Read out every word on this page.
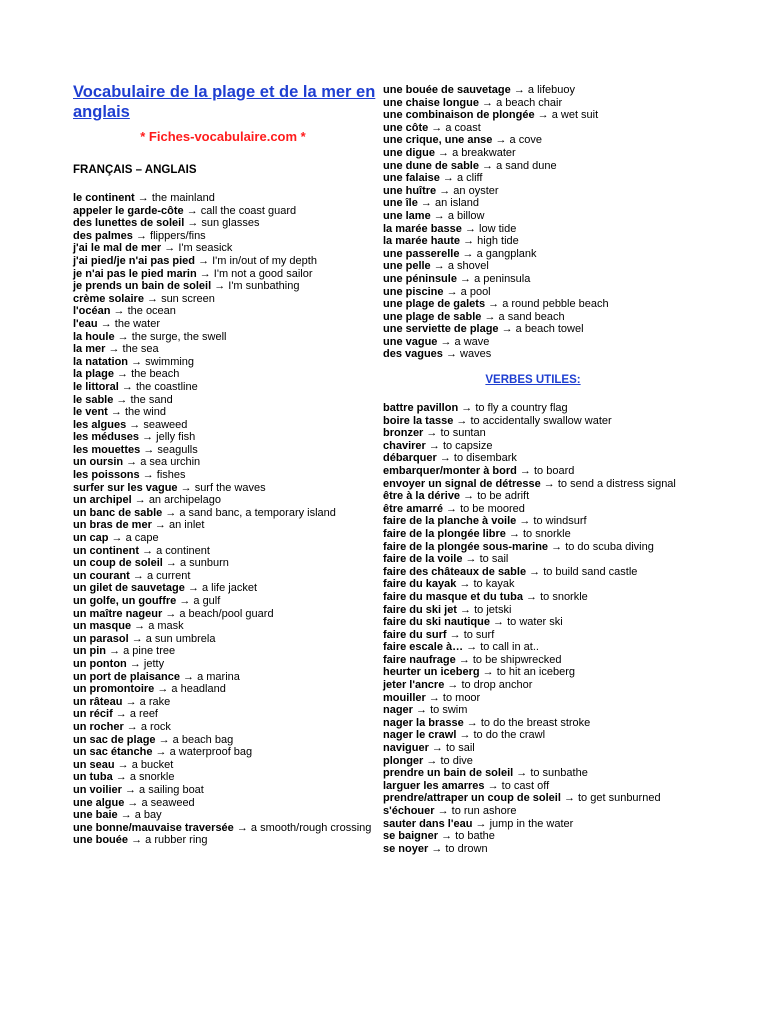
Vocabulaire de la plage et de la mer en anglais

* Fiches-vocabulaire.com *

FRANÇAIS – ANGLAIS

le continent → the mainland
appeler le garde-côte → call the coast guard
des lunettes de soleil → sun glasses
des palmes → flippers/fins
j'ai le mal de mer → I'm seasick
j'ai pied/je n'ai pas pied → I'm in/out of my depth
je n'ai pas le pied marin → I'm not a good sailor
je prends un bain de soleil → I'm sunbathing
crème solaire → sun screen
l'océan → the ocean
l'eau → the water
la houle → the surge, the swell
la mer → the sea
la natation → swimming
la plage → the beach
le littoral → the coastline
le sable → the sand
le vent → the wind
les algues → seaweed
les méduses → jelly fish
les mouettes → seagulls
un oursin → a sea urchin
les poissons → fishes
surfer sur les vague → surf the waves
un archipel → an archipelago
un banc de sable → a sand banc, a temporary island
un bras de mer → an inlet
un cap → a cape
un continent → a continent
un coup de soleil → a sunburn
un courant → a current
un gilet de sauvetage → a life jacket
un golfe, un gouffre → a gulf
un maître nageur → a beach/pool guard
un masque → a mask
un parasol → a sun umbrela
un pin → a pine tree
un ponton → jetty
un port de plaisance → a marina
un promontoire → a headland
un râteau → a rake
un récif → a reef
un rocher → a rock
un sac de plage → a beach bag
un sac étanche → a waterproof bag
un seau → a bucket
un tuba → a snorkle
un voilier → a sailing boat
une algue → a seaweed
une baie → a bay
une bonne/mauvaise traversée → a smooth/rough crossing
une bouée → a rubber ring
une bouée de sauvetage → a lifebuoy
une chaise longue → a beach chair
une combinaison de plongée → a wet suit
une côte → a coast
une crique, une anse → a cove
une digue → a breakwater
une dune de sable → a sand dune
une falaise → a cliff
une huître → an oyster
une île → an island
une lame → a billow
la marée basse → low tide
la marée haute → high tide
une passerelle → a gangplank
une pelle → a shovel
une péninsule → a peninsula
une piscine → a pool
une plage de galets → a round pebble beach
une plage de sable → a sand beach
une serviette de plage → a beach towel
une vague → a wave
des vagues → waves

VERBES UTILES:

battre pavillon → to fly a country flag
boire la tasse → to accidentally swallow water
bronzer → to suntan
chavirer → to capsize
débarquer → to disembark
embarquer/monter à bord → to board
envoyer un signal de détresse → to send a distress signal
être à la dérive → to be adrift
être amarré → to be moored
faire de la planche à voile → to windsurf
faire de la plongée libre → to snorkle
faire de la plongée sous-marine → to do scuba diving
faire de la voile → to sail
faire des châteaux de sable → to build sand castle
faire du kayak → to kayak
faire du masque et du tuba → to snorkle
faire du ski jet → to jetski
faire du ski nautique → to water ski
faire du surf → to surf
faire escale à… → to call in at..
faire naufrage → to be shipwrecked
heurter un iceberg → to hit an iceberg
jeter l'ancre → to drop anchor
mouiller → to moor
nager → to swim
nager la brasse → to do the breast stroke
nager le crawl → to do the crawl
naviguer → to sail
plonger → to dive
prendre un bain de soleil → to sunbathe
larguer les amarres → to cast off
prendre/attraper un coup de soleil → to get sunburned
s'échouer → to run ashore
sauter dans l'eau → jump in the water
se baigner → to bathe
se noyer → to drown
